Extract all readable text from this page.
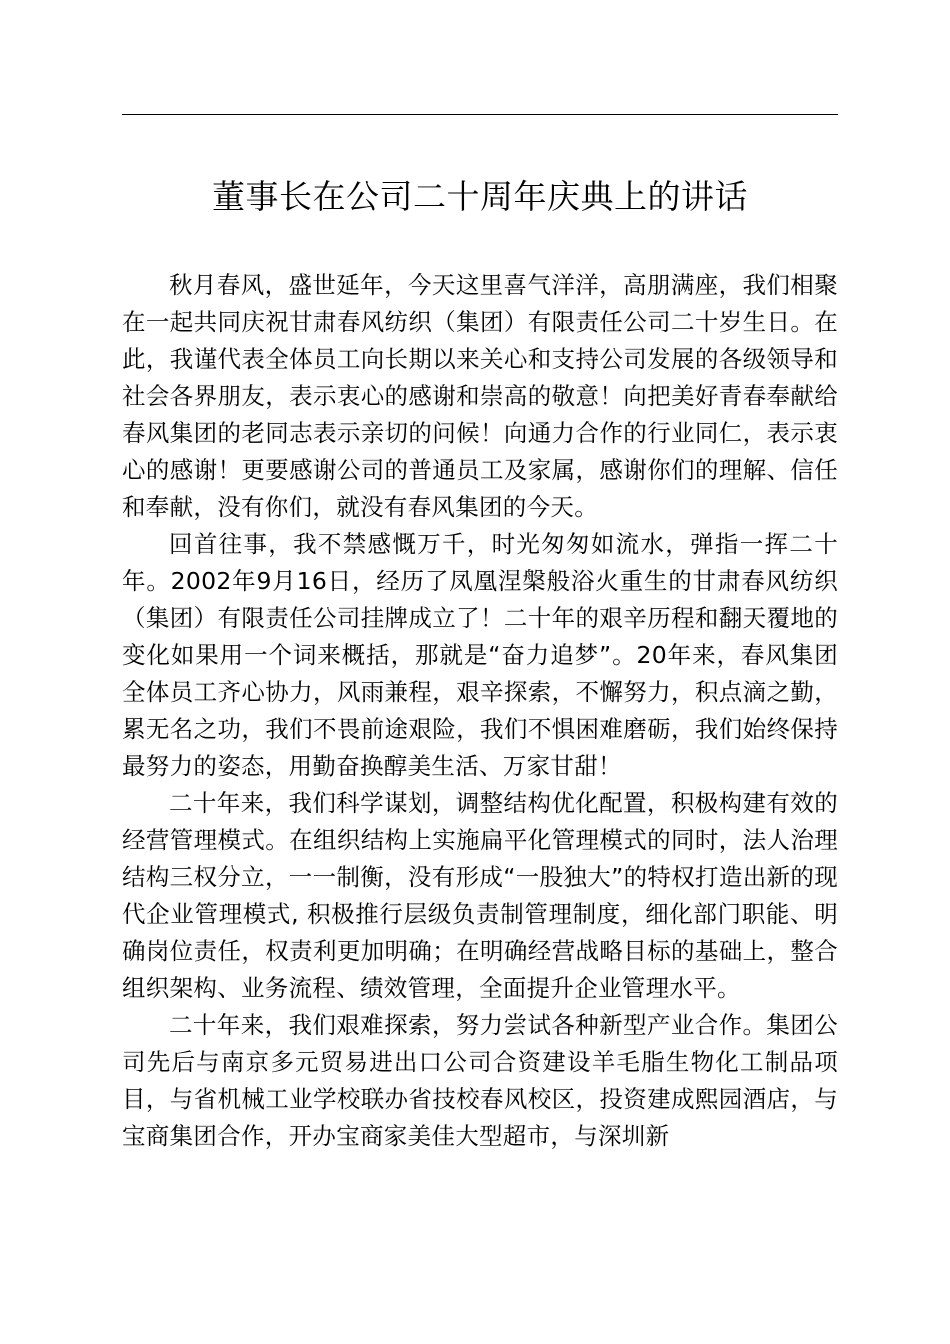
董事长在公司二十周年庆典上的讲话

秋月春风，盛世延年，今天这里喜气洋洋，高朋满座，我们相聚在一起共同庆祝甘肃春风纺织（集团）有限责任公司二十岁生日。在此，我谨代表全体员工向长期以来关心和支持公司发展的各级领导和社会各界朋友，表示衷心的感谢和崇高的敬意！向把美好青春奉献给春风集团的老同志表示亲切的问候！向通力合作的行业同仁，表示衷心的感谢！更要感谢公司的普通员工及家属，感谢你们的理解、信任和奉献，没有你们，就没有春风集团的今天。

回首往事，我不禁感慨万千，时光匆匆如流水，弹指一挥二十年。2002年9月16日，经历了凤凰涅槃般浴火重生的甘肃春风纺织（集团）有限责任公司挂牌成立了！二十年的艰辛历程和翻天覆地的变化如果用一个词来概括，那就是“奋力追梦”。20年来，春风集团全体员工齐心协力，风雨兼程，艰辛探索，不懈努力，积点滴之勤，累无名之功，我们不畏前途艰险，我们不惧困难磨砺，我们始终保持最努力的姿态，用勤奋换醇美生活、万家甘甜！

二十年来，我们科学谋划，调整结构优化配置，积极构建有效的经营管理模式。在组织结构上实施扁平化管理模式的同时，法人治理结构三权分立，一一制衡，没有形成“一股独大”的特权打造出新的现代企业管理模式, 积极推行层级负责制管理制度，细化部门职能、明确岗位责任，权责利更加明确；在明确经营战略目标的基础上，整合组织架构、业务流程、绩效管理，全面提升企业管理水平。

二十年来，我们艰难探索，努力尝试各种新型产业合作。集团公司先后与南京多元贸易进出口公司合资建设羊毛脂生物化工制品项目，与省机械工业学校联办省技校春风校区，投资建成熙园酒店，与宝商集团合作，开办宝商家美佳大型超市，与深圳新
